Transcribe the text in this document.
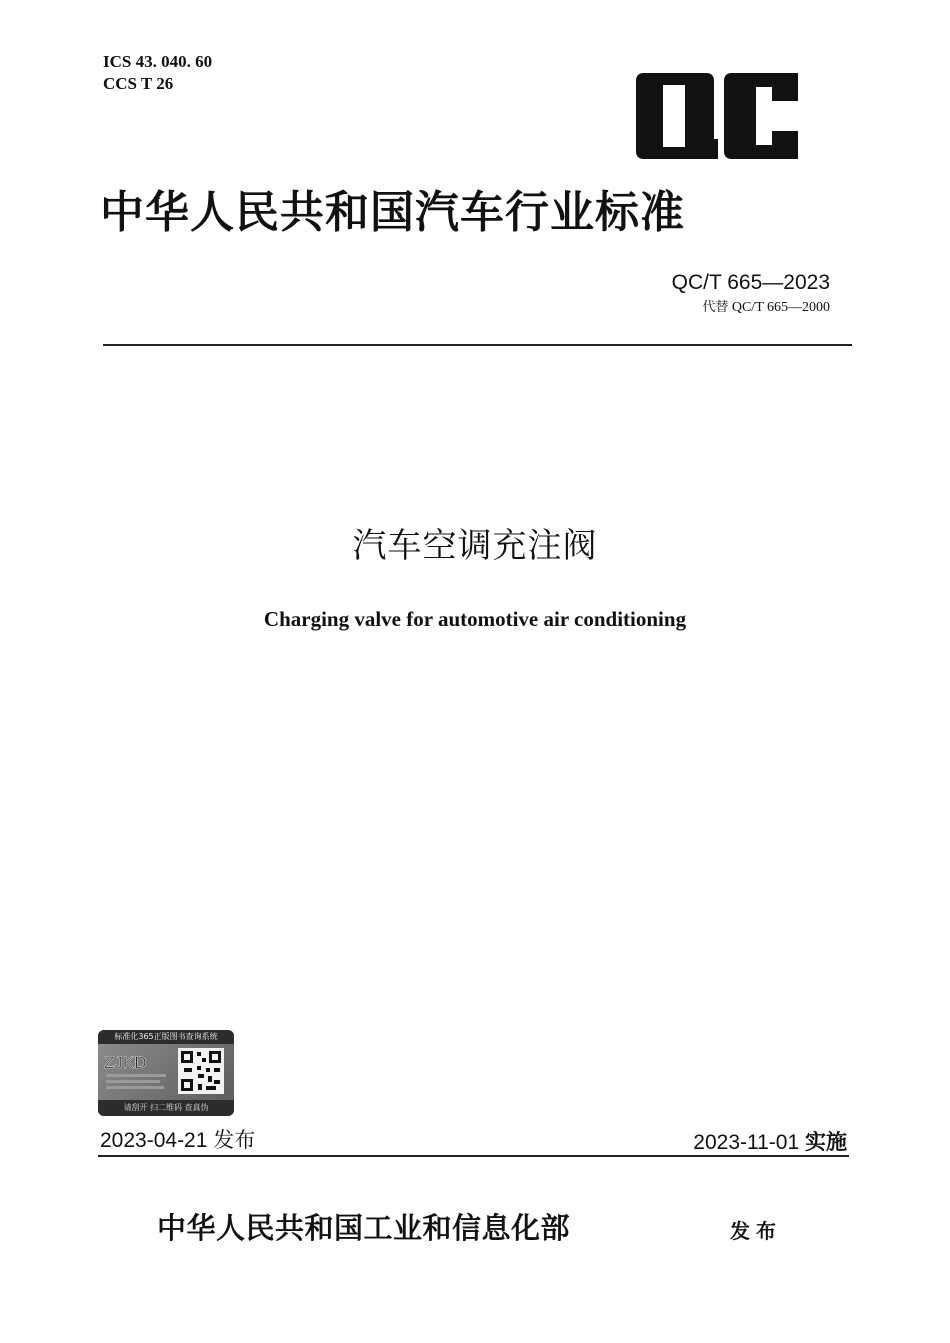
ICS 43. 040. 60
CCS T 26
中华人民共和国汽车行业标准
QC/T 665—2023
代替 QC/T 665—2000
汽车空调充注阀
Charging valve for automotive air conditioning
标准化365正版图书查询系统
ZJKD
请刮开 扫二维码 查真伪
2023-04-21 发布	2023-11-01 实施
中华人民共和国工业和信息化部	发布
